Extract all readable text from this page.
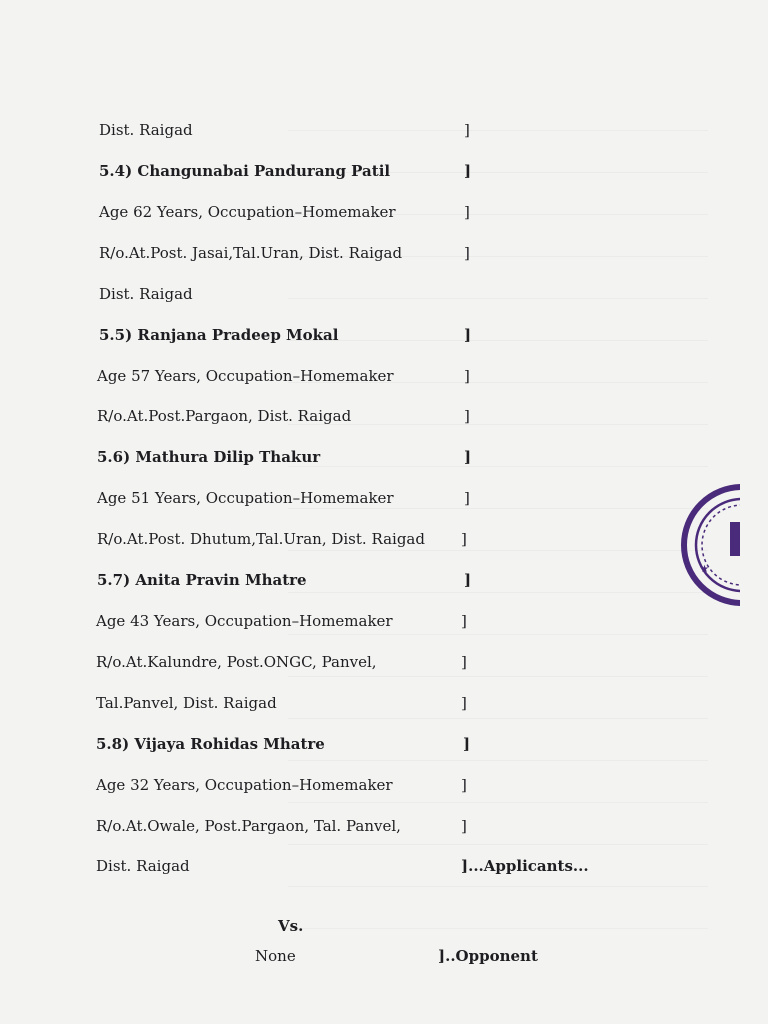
Dist. Raigad	]
5.4) Changunabai Pandurang Patil	]
Age 62 Years, Occupation–Homemaker	]
R/o.At.Post. Jasai,Tal.Uran, Dist. Raigad	]
Dist. Raigad
5.5) Ranjana Pradeep Mokal	]
Age 57 Years, Occupation–Homemaker	]
R/o.At.Post.Pargaon, Dist. Raigad	]
5.6) Mathura Dilip Thakur	]
Age 51 Years, Occupation–Homemaker	]
R/o.At.Post. Dhutum,Tal.Uran, Dist. Raigad ]
5.7) Anita Pravin Mhatre	]
Age 43 Years, Occupation–Homemaker	]
R/o.At.Kalundre, Post.ONGC, Panvel,	]
Tal.Panvel, Dist. Raigad	]
5.8) Vijaya Rohidas Mhatre	]
Age 32 Years, Occupation–Homemaker	]
R/o.At.Owale, Post.Pargaon, Tal. Panvel,	]
Dist. Raigad	]...Applicants...
Vs.
None	]..Opponent
★
